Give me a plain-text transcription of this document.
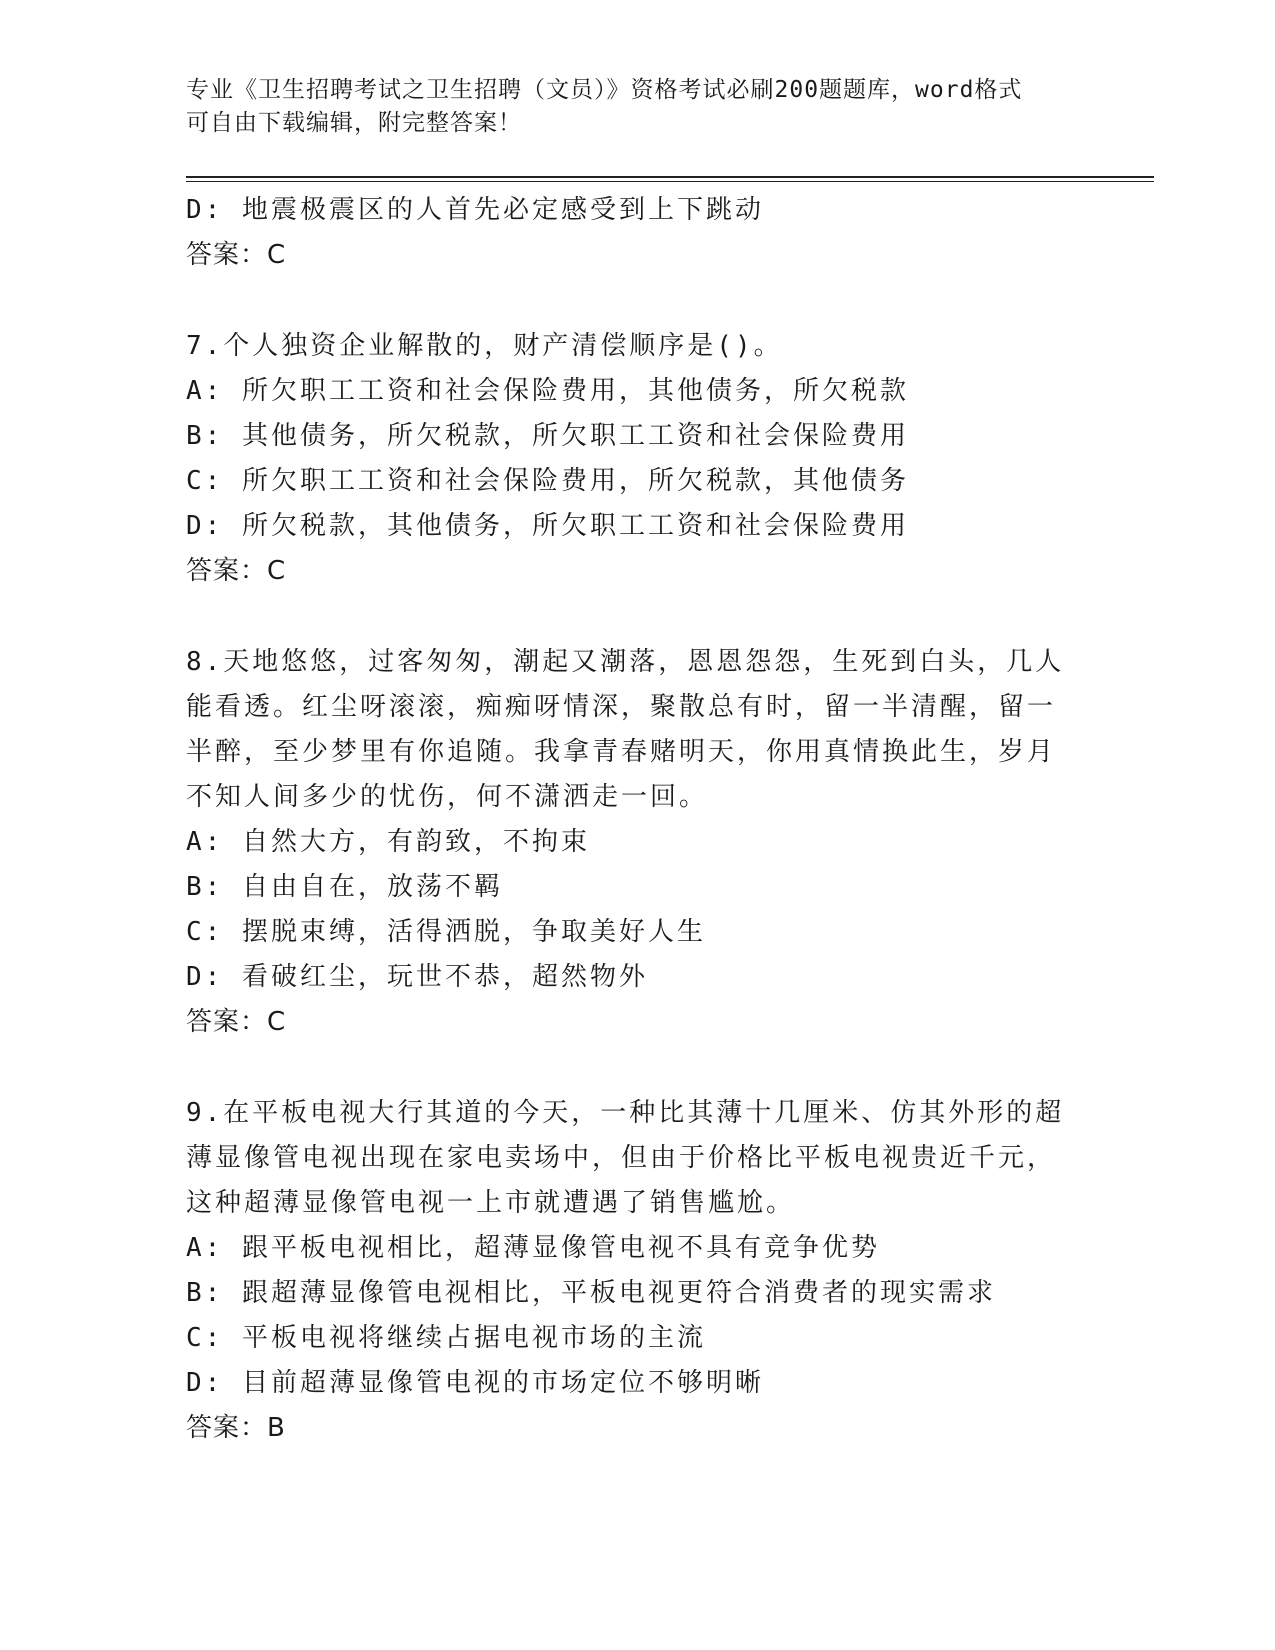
专业《卫生招聘考试之卫生招聘（文员）》资格考试必刷200题题库，word格式
可自由下载编辑，附完整答案！
D: 地震极震区的人首先必定感受到上下跳动
答案：C
7.个人独资企业解散的，财产清偿顺序是()。
A: 所欠职工工资和社会保险费用，其他债务，所欠税款
B: 其他债务，所欠税款，所欠职工工资和社会保险费用
C: 所欠职工工资和社会保险费用，所欠税款，其他债务
D: 所欠税款，其他债务，所欠职工工资和社会保险费用
答案：C
8.天地悠悠，过客匆匆，潮起又潮落，恩恩怨怨，生死到白头，几人
能看透。红尘呀滚滚，痴痴呀情深，聚散总有时，留一半清醒，留一
半醉，至少梦里有你追随。我拿青春赌明天，你用真情换此生，岁月
不知人间多少的忧伤，何不潇洒走一回。
A: 自然大方，有韵致，不拘束
B: 自由自在，放荡不羁
C: 摆脱束缚，活得洒脱，争取美好人生
D: 看破红尘，玩世不恭，超然物外
答案：C
9.在平板电视大行其道的今天，一种比其薄十几厘米、仿其外形的超
薄显像管电视出现在家电卖场中，但由于价格比平板电视贵近千元，
这种超薄显像管电视一上市就遭遇了销售尴尬。
A: 跟平板电视相比，超薄显像管电视不具有竞争优势
B: 跟超薄显像管电视相比，平板电视更符合消费者的现实需求
C: 平板电视将继续占据电视市场的主流
D: 目前超薄显像管电视的市场定位不够明晰
答案：B
